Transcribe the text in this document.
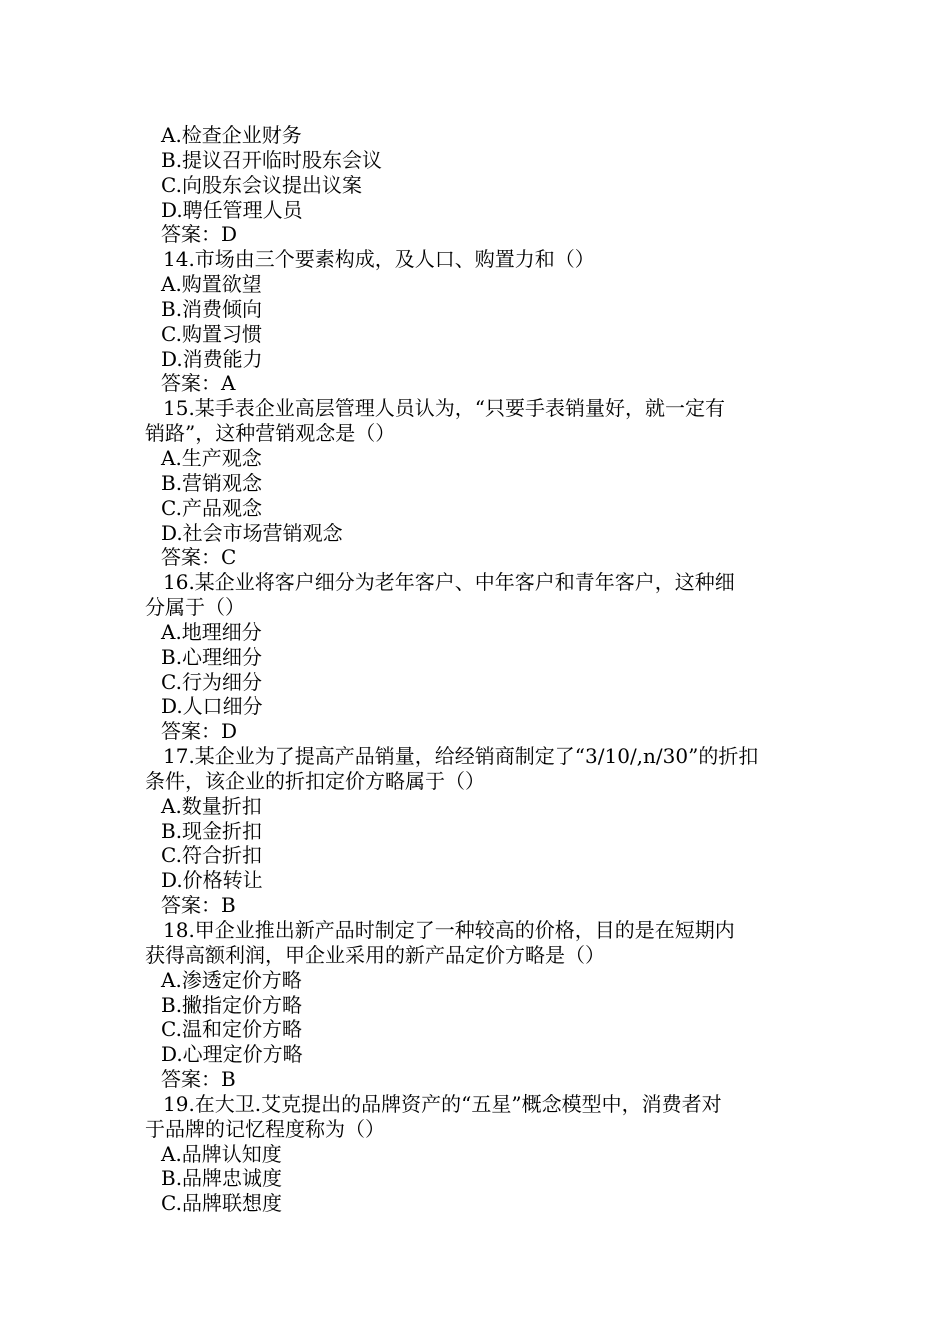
A.检查企业财务
B.提议召开临时股东会议
C.向股东会议提出议案
D.聘任管理人员
答案：D
14.市场由三个要素构成，及人口、购置力和（）
A.购置欲望
B.消费倾向
C.购置习惯
D.消费能力
答案：A
15.某手表企业高层管理人员认为，“只要手表销量好，就一定有
销路”，这种营销观念是（）
A.生产观念
B.营销观念
C.产品观念
D.社会市场营销观念
答案：C
16.某企业将客户细分为老年客户、中年客户和青年客户，这种细
分属于（）
A.地理细分
B.心理细分
C.行为细分
D.人口细分
答案：D
17.某企业为了提高产品销量，给经销商制定了“3/10/,n/30”的折扣
条件，该企业的折扣定价方略属于（）
A.数量折扣
B.现金折扣
C.符合折扣
D.价格转让
答案：B
18.甲企业推出新产品时制定了一种较高的价格，目的是在短期内
获得高额利润，甲企业采用的新产品定价方略是（）
A.渗透定价方略
B.撇指定价方略
C.温和定价方略
D.心理定价方略
答案：B
19.在大卫.艾克提出的品牌资产的“五星”概念模型中，消费者对
于品牌的记忆程度称为（）
A.品牌认知度
B.品牌忠诚度
C.品牌联想度
